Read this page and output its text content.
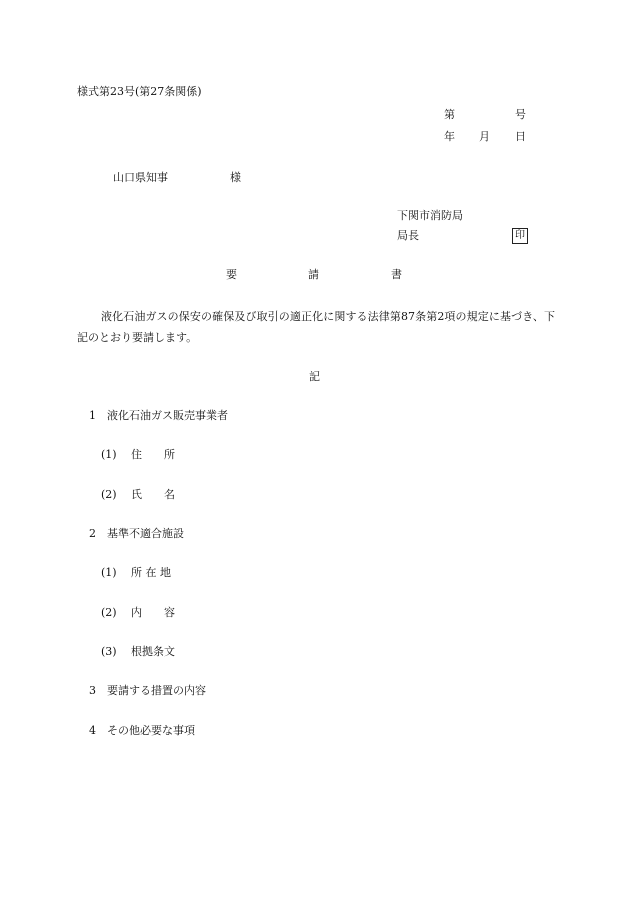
様式第23号(第27条関係)
第	号
年 月 日
山口県知事	様
下関市消防局
局長	印
要	請	書
液化石油ガスの保安の確保及び取引の適正化に関する法律第87条第2項の規定に基づき、下記のとおり要請します。
記
1 液化石油ガス販売事業者
(1) 住　　所
(2) 氏　　名
2 基準不適合施設
(1) 所 在 地
(2) 内　　容
(3) 根拠条文
3 要請する措置の内容
4 その他必要な事項
